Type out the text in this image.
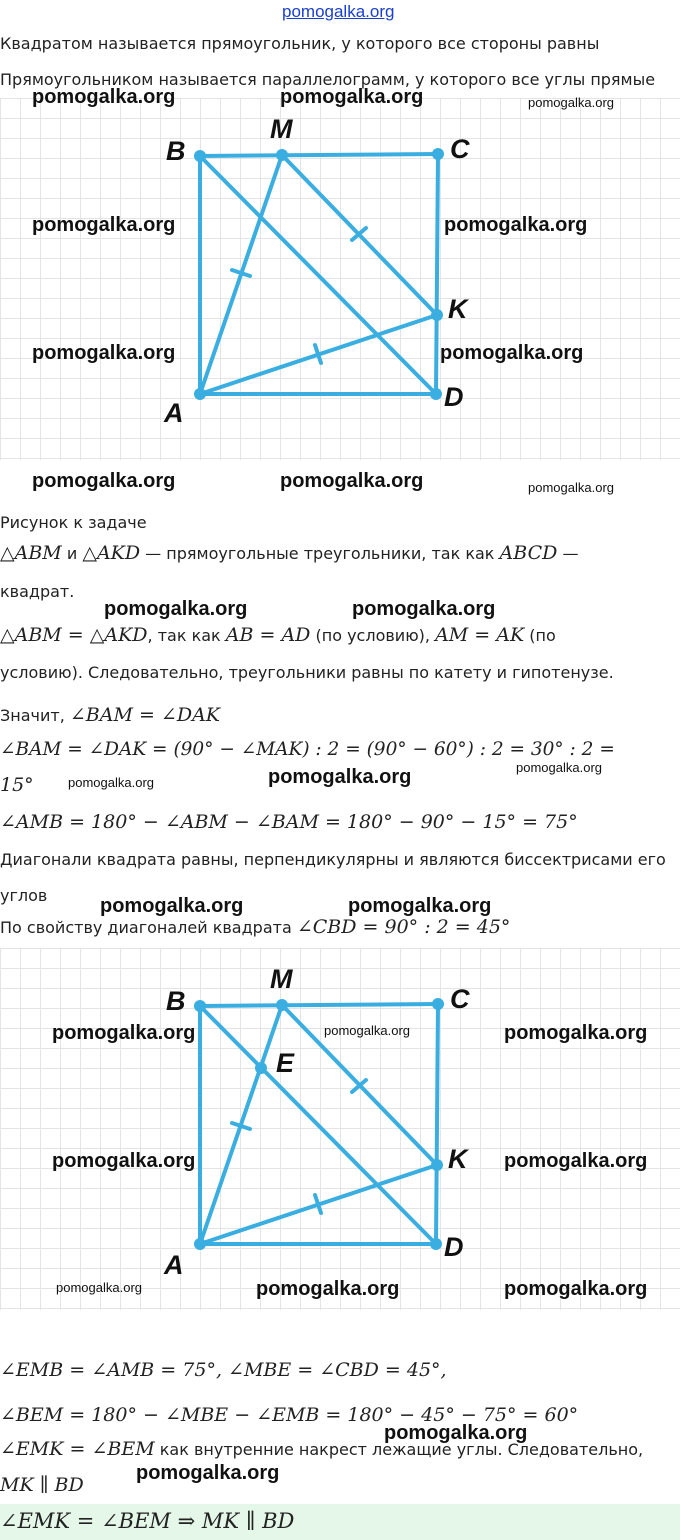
pomogalka.org
Квадратом называется прямоугольник, у которого все стороны равны
Прямоугольником называется параллелограмм, у которого все углы прямые
B
M
C
K
A
D
pomogalka.org	pomogalka.org	pomogalka.org
pomogalka.org	pomogalka.org
pomogalka.org	pomogalka.org
pomogalka.org	pomogalka.org	pomogalka.org
Рисунок к задаче
△ABM и △AKD — прямоугольные треугольники, так как ABCD —
квадрат.
pomogalka.org	pomogalka.org
△ABM = △AKD, так как AB = AD (по условию), AM = AK (по
условию). Следовательно, треугольники равны по катету и гипотенузе.
Значит, ∠BAM = ∠DAK
∠BAM = ∠DAK = (90° − ∠MAK) : 2 = (90° − 60°) : 2 = 30° : 2 =
15°	pomogalka.org	pomogalka.org	pomogalka.org
∠AMB = 180° − ∠ABM − ∠BAM = 180° − 90° − 15° = 75°
Диагонали квадрата равны, перпендикулярны и являются биссектрисами его
углов	pomogalka.org	pomogalka.org
По свойству диагоналей квадрата ∠CBD = 90° : 2 = 45°
B
M
C
E
K
A
D
pomogalka.org	pomogalka.org	pomogalka.org
pomogalka.org	pomogalka.org
pomogalka.org	pomogalka.org	pomogalka.org
∠EMB = ∠AMB = 75°, ∠MBE = ∠CBD = 45°,
∠BEM = 180° − ∠MBE − ∠EMB = 180° − 45° − 75° = 60°
pomogalka.org
∠EMK = ∠BEM как внутренние накрест лежащие углы. Следовательно,
MK ∥ BD
pomogalka.org
∠EMK = ∠BEM ⇒ MK ∥ BD
